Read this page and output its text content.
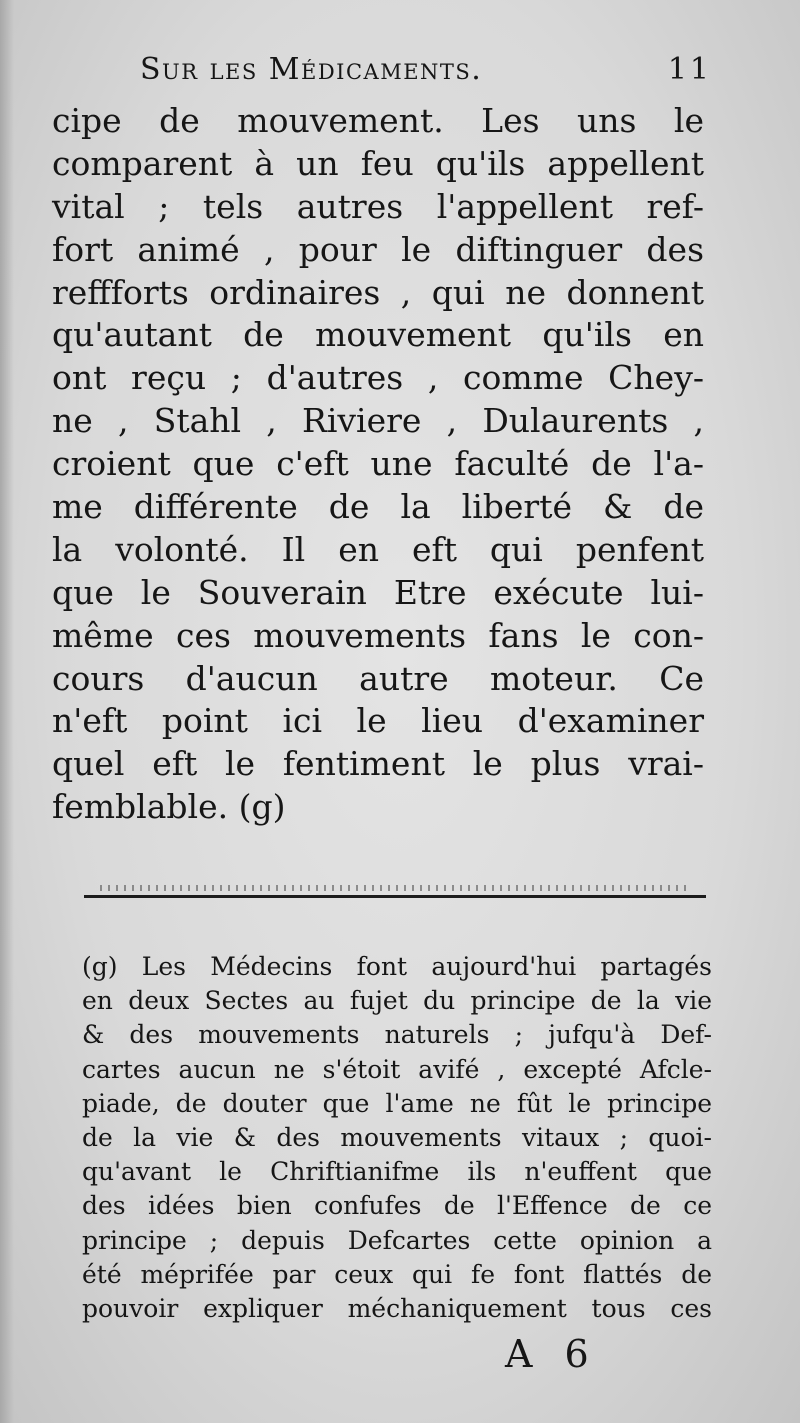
Sur les Médicaments.	11
cipe de mouvement. Les uns le
comparent à un feu qu'ils appellent
vital ; tels autres l'appellent ref-
fort animé , pour le diftinguer des
reffforts ordinaires , qui ne donnent
qu'autant de mouvement qu'ils en
ont reçu ; d'autres , comme Chey-
ne , Stahl , Riviere , Dulaurents ,
croient que c'eft une faculté de l'a-
me différente de la liberté & de
la volonté. Il en eft qui penfent
que le Souverain Etre exécute lui-
même ces mouvements fans le con-
cours d'aucun autre moteur. Ce
n'eft point ici le lieu d'examiner
quel eft le fentiment le plus vrai-
femblable. (g)
(g) Les Médecins font aujourd'hui partagés
en deux Sectes au fujet du principe de la vie
& des mouvements naturels ; jufqu'à Def-
cartes aucun ne s'étoit avifé , excepté Afcle-
piade, de douter que l'ame ne fût le principe
de la vie & des mouvements vitaux ; quoi-
qu'avant le Chriftianifme ils n'euffent que
des idées bien confufes de l'Effence de ce
principe ; depuis Defcartes cette opinion a
été méprifée par ceux qui fe font flattés de
pouvoir expliquer méchaniquement tous ces
A 6
